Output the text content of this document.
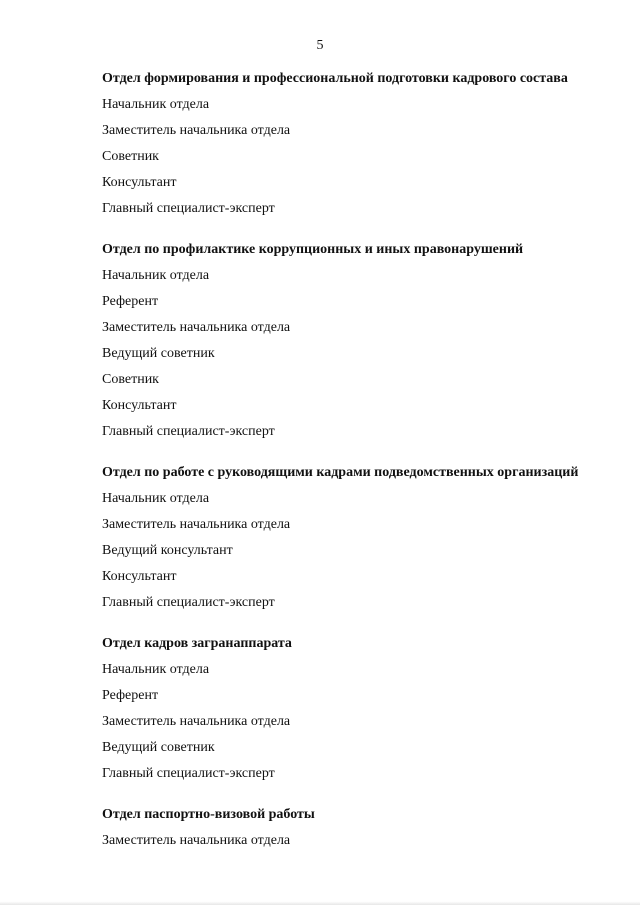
5
Отдел формирования и профессиональной подготовки кадрового состава
Начальник отдела
Заместитель начальника отдела
Советник
Консультант
Главный специалист-эксперт
Отдел по профилактике коррупционных и иных правонарушений
Начальник отдела
Референт
Заместитель начальника отдела
Ведущий советник
Советник
Консультант
Главный специалист-эксперт
Отдел по работе с руководящими кадрами подведомственных организаций
Начальник отдела
Заместитель начальника отдела
Ведущий консультант
Консультант
Главный специалист-эксперт
Отдел кадров загранаппарата
Начальник отдела
Референт
Заместитель начальника отдела
Ведущий советник
Главный специалист-эксперт
Отдел паспортно-визовой работы
Заместитель начальника отдела
